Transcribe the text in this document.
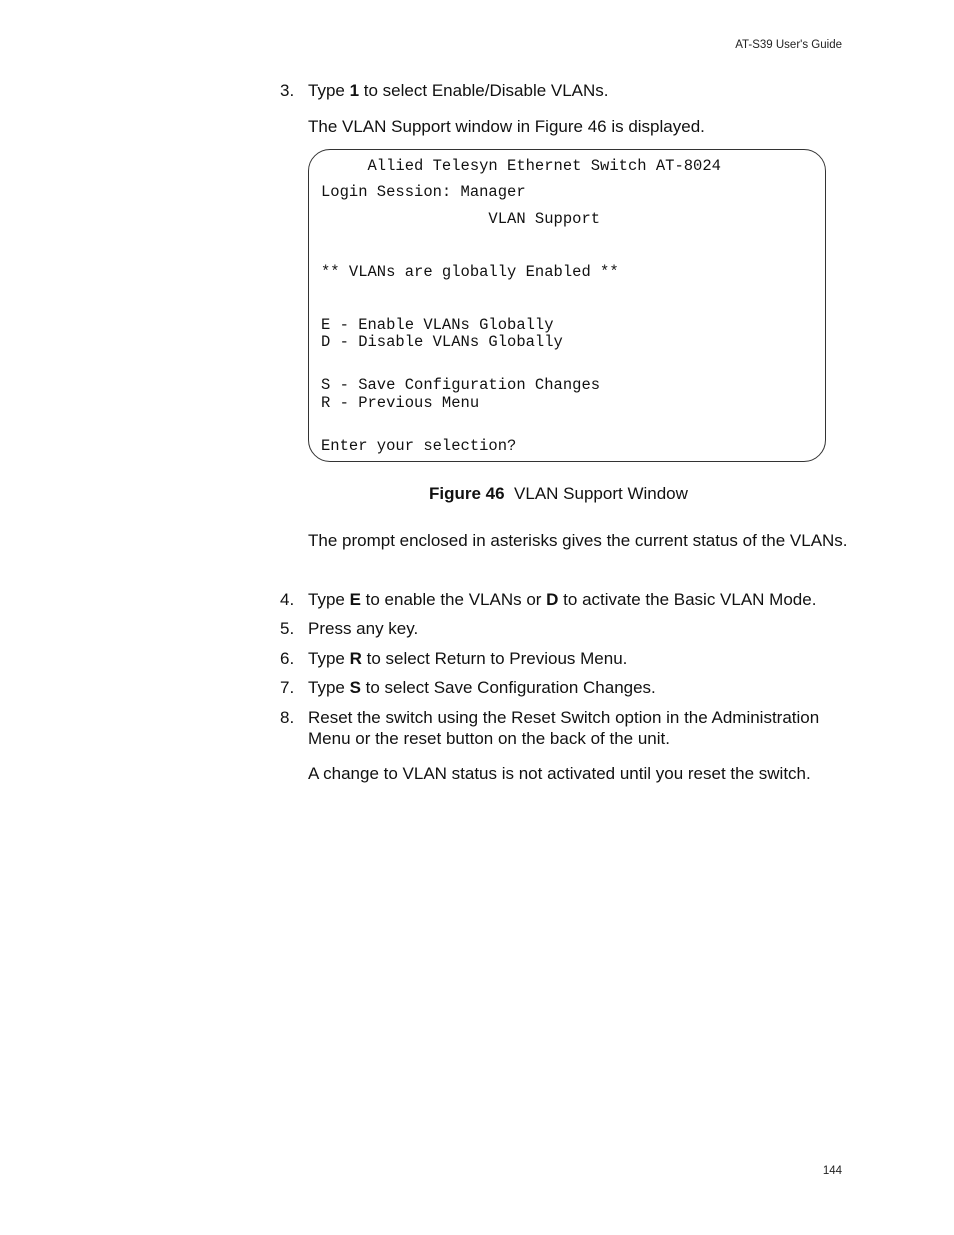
AT-S39 User's Guide
3. Type 1 to select Enable/Disable VLANs.
The VLAN Support window in Figure 46 is displayed.
Allied Telesyn Ethernet Switch AT-8024
Login Session: Manager
VLAN Support
** VLANs are globally Enabled **
E - Enable VLANs Globally
D - Disable VLANs Globally
S - Save Configuration Changes
R - Previous Menu
Enter your selection?
Figure 46 VLAN Support Window
The prompt enclosed in asterisks gives the current status of the VLANs.
4. Type E to enable the VLANs or D to activate the Basic VLAN Mode.
5. Press any key.
6. Type R to select Return to Previous Menu.
7. Type S to select Save Configuration Changes.
8. Reset the switch using the Reset Switch option in the Administration Menu or the reset button on the back of the unit.
A change to VLAN status is not activated until you reset the switch.
144
